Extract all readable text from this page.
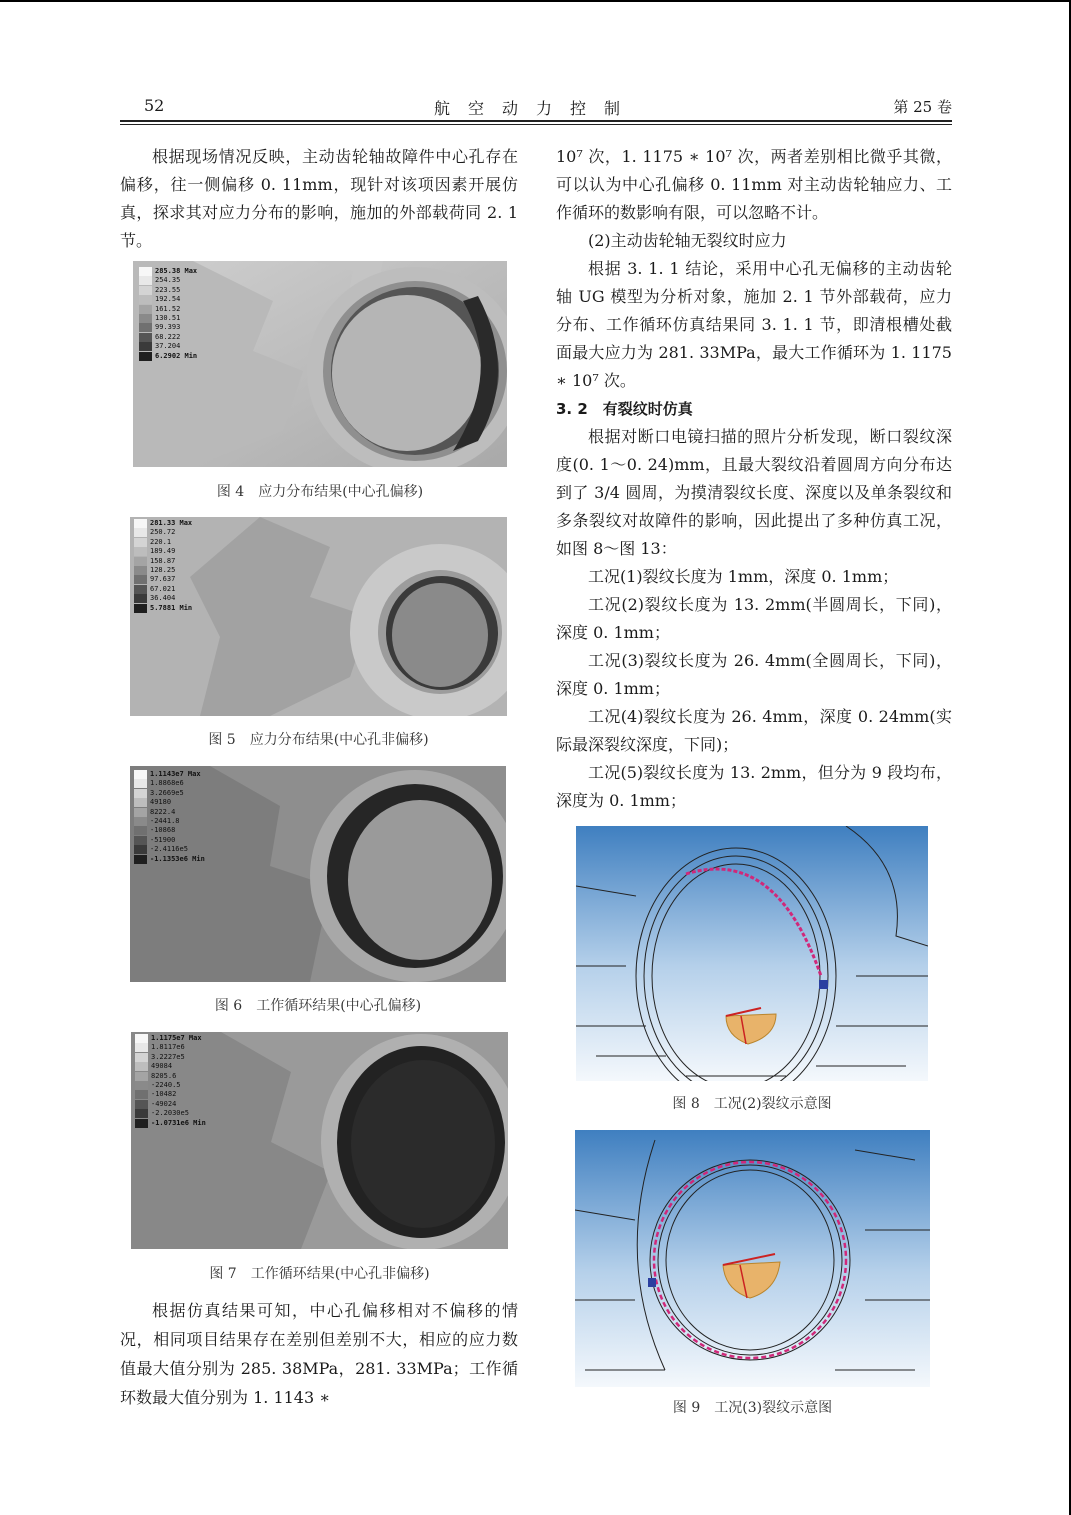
52	航空动力控制	第 25 卷

根据现场情况反映，主动齿轮轴故障件中心孔存在偏移，往一侧偏移 0. 11mm，现针对该项因素开展仿真，探求其对应力分布的影响，施加的外部载荷同 2. 1 节。

285.38 Max
254.35
223.55
192.54
161.52
130.51
99.393
68.222
37.204
6.2902 Min
图 4　应力分布结果(中心孔偏移)
281.33 Max
250.72
220.1
189.49
158.87
128.25
97.637
67.021
36.404
5.7881 Min
图 5　应力分布结果(中心孔非偏移)
1.1143e7 Max
1.8868e6
3.2669e5
49180
8222.4
-2441.8
-10868
-51900
-2.4116e5
-1.1353e6 Min
图 6　工作循环结果(中心孔偏移)
1.1175e7 Max
1.8117e6
3.2227e5
49084
8205.6
-2240.5
-10482
-49024
-2.2030e5
-1.0731e6 Min
图 7　工作循环结果(中心孔非偏移)

根据仿真结果可知，中心孔偏移相对不偏移的情况，相同项目结果存在差别但差别不大，相应的应力数值最大值分别为 285. 38MPa，281. 33MPa；工作循环数最大值分别为 1. 1143 ∗

10⁷ 次，1. 1175 ∗ 10⁷ 次，两者差别相比微乎其微，可以认为中心孔偏移 0. 11mm 对主动齿轮轴应力、工作循环的数影响有限，可以忽略不计。

(2)主动齿轮轴无裂纹时应力

根据 3. 1. 1 结论，采用中心孔无偏移的主动齿轮轴 UG 模型为分析对象，施加 2. 1 节外部载荷，应力分布、工作循环仿真结果同 3. 1. 1 节，即清根槽处截面最大应力为 281. 33MPa，最大工作循环为 1. 1175 ∗ 10⁷ 次。

3. 2　有裂纹时仿真

根据对断口电镜扫描的照片分析发现，断口裂纹深度(0. 1～0. 24)mm，且最大裂纹沿着圆周方向分布达到了 3/4 圆周，为摸清裂纹长度、深度以及单条裂纹和多条裂纹对故障件的影响，因此提出了多种仿真工况，如图 8～图 13：

工况(1)裂纹长度为 1mm，深度 0. 1mm；

工况(2)裂纹长度为 13. 2mm(半圆周长，下同)，深度 0. 1mm；

工况(3)裂纹长度为 26. 4mm(全圆周长，下同)，深度 0. 1mm；

工况(4)裂纹长度为 26. 4mm，深度 0. 24mm(实际最深裂纹深度，下同)；

工况(5)裂纹长度为 13. 2mm，但分为 9 段均布，深度为 0. 1mm；

图 8　工况(2)裂纹示意图
图 9　工况(3)裂纹示意图
